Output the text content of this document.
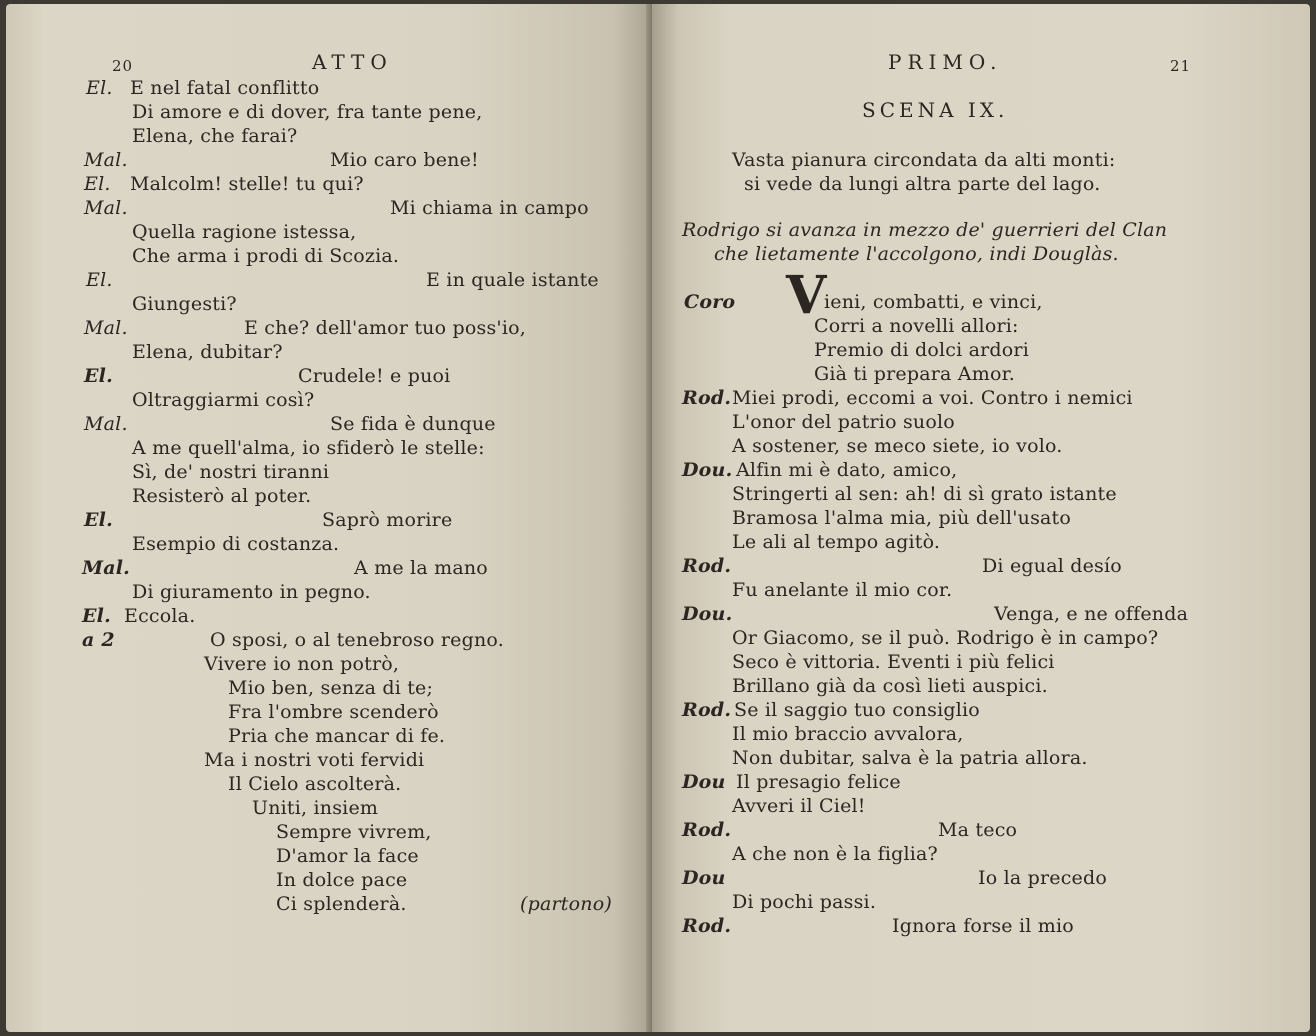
20	ATTO
El. E nel fatal conflitto
Di amore e di dover, fra tante pene,
Elena, che farai?
Mal.	Mio caro bene!
El. Malcolm! stelle! tu qui?
Mal.	Mi chiama in campo
Quella ragione istessa,
Che arma i prodi di Scozia.
El.	E in quale istante
Giungesti?
Mal.	E che? dell'amor tuo poss'io,
Elena, dubitar?
El.	Crudele! e puoi
Oltraggiarmi così?
Mal.	Se fida è dunque
A me quell'alma, io sfiderò le stelle:
Sì, de' nostri tiranni
Resisterò al poter.
El.	Saprò morire
Esempio di costanza.
Mal.	A me la mano
Di giuramento in pegno.
El. Eccola.
a 2	O sposi, o al tenebroso regno.
Vivere io non potrò,
Mio ben, senza di te;
Fra l'ombre scenderò
Pria che mancar di fe.
Ma i nostri voti fervidi
Il Cielo ascolterà.
Uniti, insiem
Sempre vivrem,
D'amor la face
In dolce pace
Ci splenderà.	(partono)
PRIMO.	21
SCENA IX.
Vasta pianura circondata da alti monti:
si vede da lungi altra parte del lago.
Rodrigo si avanza in mezzo de' guerrieri del Clan
che lietamente l'accolgono, indi Douglàs.
Coro V
ieni, combatti, e vinci,
Corri a novelli allori:
Premio di dolci ardori
Già ti prepara Amor.
Rod. Miei prodi, eccomi a voi. Contro i nemici
L'onor del patrio suolo
A sostener, se meco siete, io volo.
Dou. Alfin mi è dato, amico,
Stringerti al sen: ah! di sì grato istante
Bramosa l'alma mia, più dell'usato
Le ali al tempo agitò.
Rod.	Di egual desío
Fu anelante il mio cor.
Dou.	Venga, e ne offenda
Or Giacomo, se il può. Rodrigo è in campo?
Seco è vittoria. Eventi i più felici
Brillano già da così lieti auspici.
Rod. Se il saggio tuo consiglio
Il mio braccio avvalora,
Non dubitar, salva è la patria allora.
Dou Il presagio felice
Avveri il Ciel!
Rod.	Ma teco
A che non è la figlia?
Dou	Io la precedo
Di pochi passi.
Rod.	Ignora forse il mio
